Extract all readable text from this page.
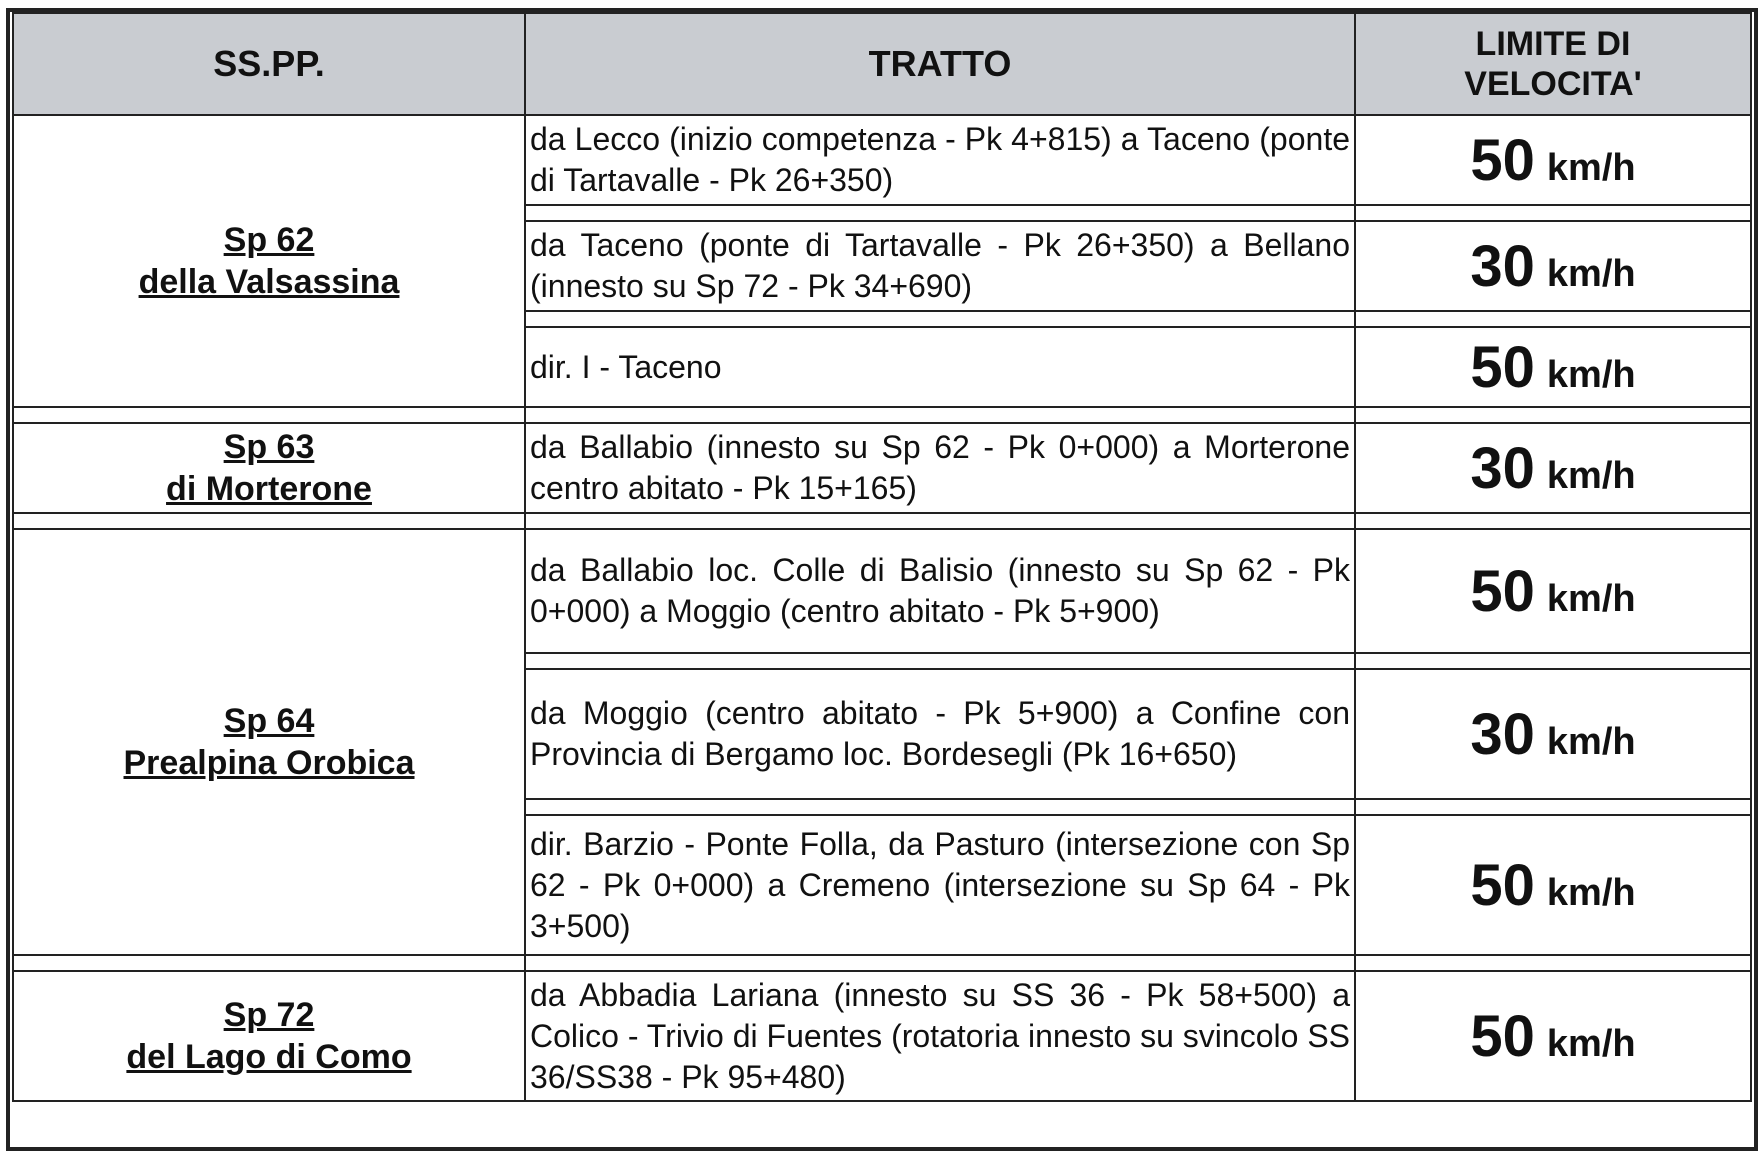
SS.PP.	TRATTO	LIMITE DI
VELOCITA'

Sp 62
della Valsassina	da Lecco (inizio competenza - Pk 4+815) a Taceno (ponte di Tartavalle - Pk 26+350)	50 km/h

	da Taceno (ponte di Tartavalle - Pk 26+350) a Bellano (innesto su Sp 72 - Pk 34+690)	30 km/h

	dir. I - Taceno	50 km/h

Sp 63
di Morterone	da Ballabio (innesto su Sp 62 - Pk 0+000) a Morterone centro abitato - Pk 15+165)	30 km/h

Sp 64
Prealpina Orobica	da Ballabio loc. Colle di Balisio (innesto su Sp 62 - Pk 0+000) a Moggio (centro abitato - Pk 5+900)	50 km/h

	da Moggio (centro abitato - Pk 5+900) a Confine con Provincia di Bergamo loc. Bordesegli (Pk 16+650)	30 km/h

	dir. Barzio - Ponte Folla, da Pasturo (intersezione con Sp 62 - Pk 0+000) a Cremeno (intersezione su Sp 64 - Pk 3+500)	50 km/h

Sp 72
del Lago di Como	da Abbadia Lariana (innesto su SS 36 - Pk 58+500) a Colico - Trivio di Fuentes (rotatoria innesto su svincolo SS 36/SS38 - Pk 95+480)	50 km/h
